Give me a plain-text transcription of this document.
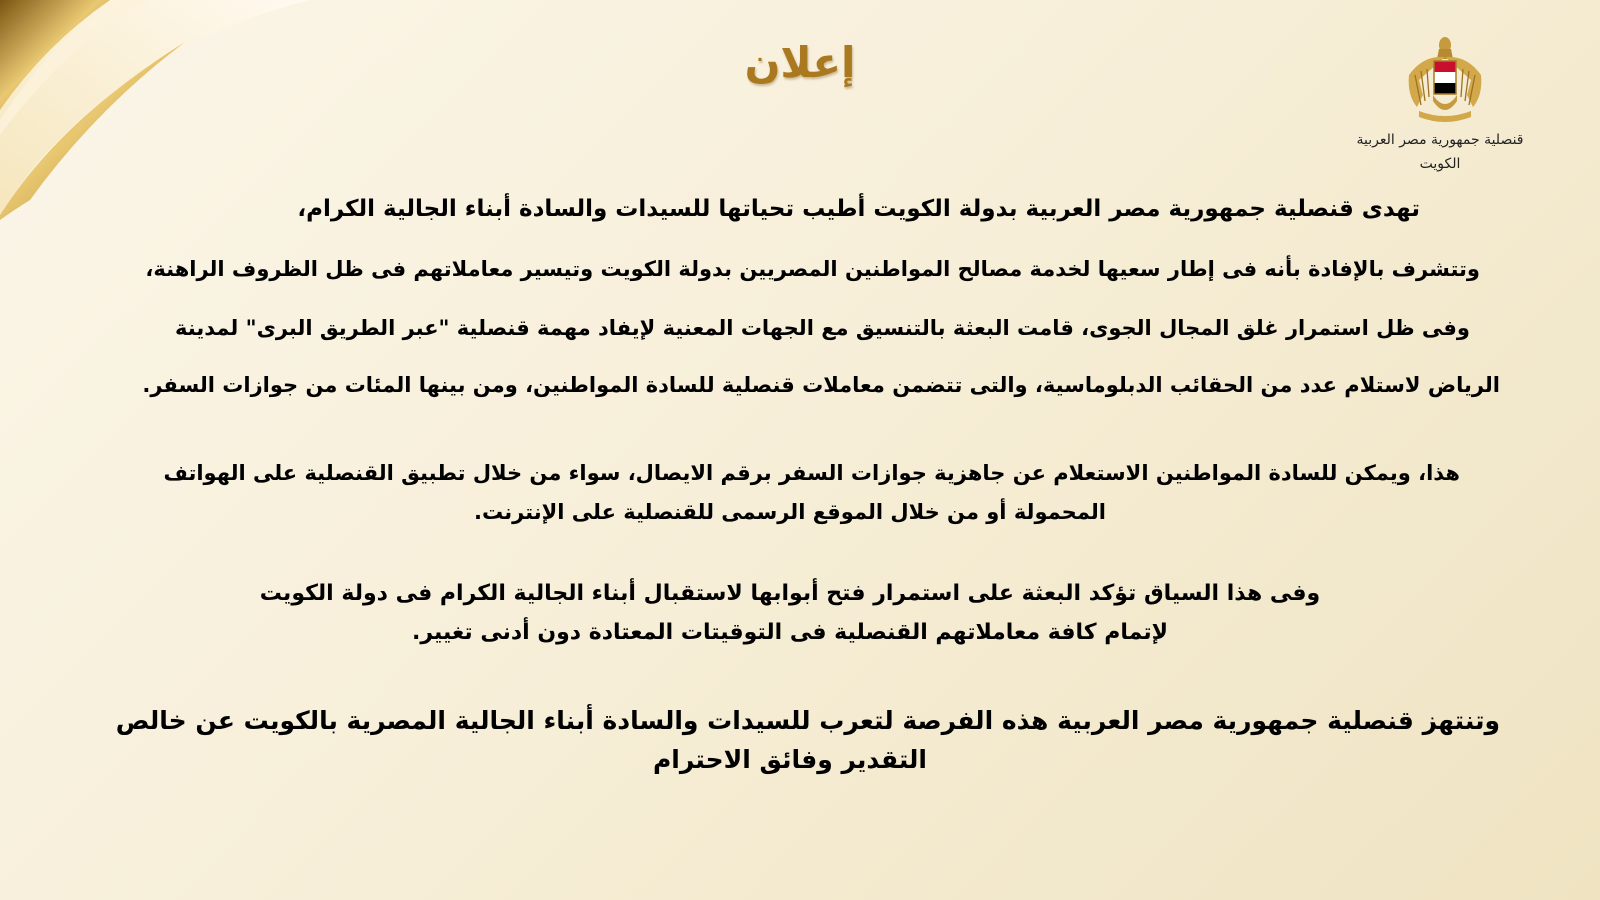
قنصلية جمهورية مصر العربية
الكويت
إعلان
تهدى قنصلية جمهورية مصر العربية بدولة الكويت أطيب تحياتها للسيدات والسادة أبناء الجالية الكرام،
وتتشرف بالإفادة بأنه فى إطار سعيها لخدمة مصالح المواطنين المصريين بدولة الكويت وتيسير معاملاتهم فى ظل الظروف الراهنة،
وفى ظل استمرار غلق المجال الجوى، قامت البعثة بالتنسيق مع الجهات المعنية لإيفاد مهمة قنصلية "عبر الطريق البرى" لمدينة
الرياض لاستلام عدد من الحقائب الدبلوماسية، والتى تتضمن معاملات قنصلية للسادة المواطنين، ومن بينها المئات من جوازات السفر.
هذا، ويمكن للسادة المواطنين الاستعلام عن جاهزية جوازات السفر برقم الايصال، سواء من خلال تطبيق القنصلية على الهواتف
المحمولة أو من خلال الموقع الرسمى للقنصلية على الإنترنت.
وفى هذا السياق تؤكد البعثة على استمرار فتح أبوابها لاستقبال أبناء الجالية الكرام فى دولة الكويت
لإتمام كافة معاملاتهم القنصلية فى التوقيتات المعتادة دون أدنى تغيير.
وتنتهز قنصلية جمهورية مصر العربية هذه الفرصة لتعرب للسيدات والسادة أبناء الجالية المصرية بالكويت عن خالص
التقدير وفائق الاحترام
